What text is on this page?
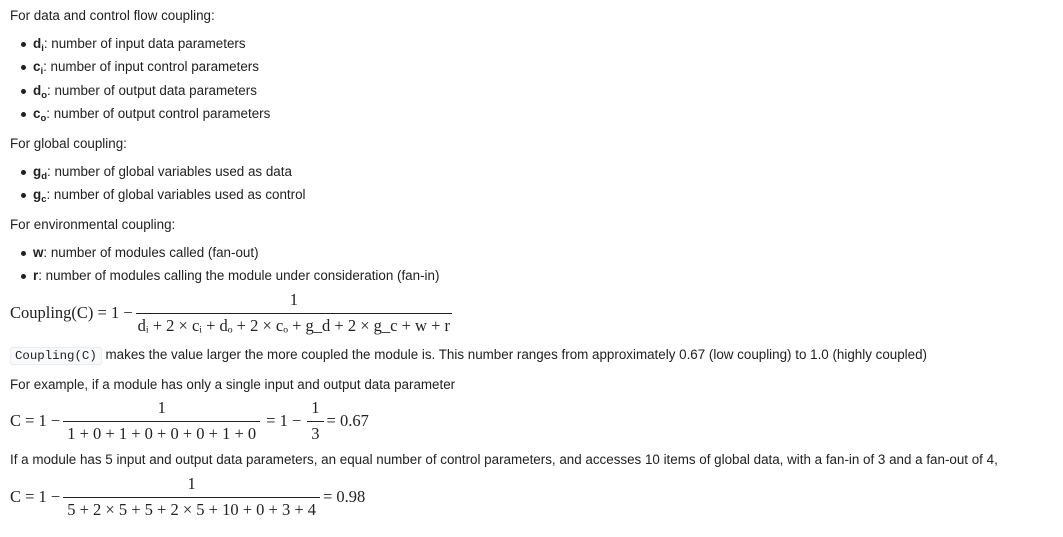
For data and control flow coupling:
$d_i$: number of input data parameters
$c_i$: number of input control parameters
$d_o$: number of output data parameters
$c_o$: number of output control parameters
For global coupling:
$g_d$: number of global variables used as data
$g_c$: number of global variables used as control
For environmental coupling:
w: number of modules called (fan-out)
r: number of modules calling the module under consideration (fan-in)
Coupling(C) = $1 - \frac{1}{\text{dᵢ + 2 × cᵢ + dₒ + 2 × cₒ + g\_d + 2 × g\_c + w + r}}$
Coupling(C) makes the value larger the more coupled the module is. This number ranges from approximately 0.67 (low coupling) to 1.0 (highly coupled)
For example, if a module has only a single input and output data parameter
$C = 1 - \frac{1}{1 + 0 + 1 + 0 + 0 + 0 + 1 + 0} = 1 - \frac{1}{3} = 0.67$
If a module has 5 input and output data parameters, an equal number of control parameters, and accesses 10 items of global data, with a fan-in of 3 and a fan-out of 4,
$C = 1 - \frac{1}{5 + 2 \times 5 + 5 + 2 \times 5 + 10 + 0 + 3 + 4} = 0.98$
